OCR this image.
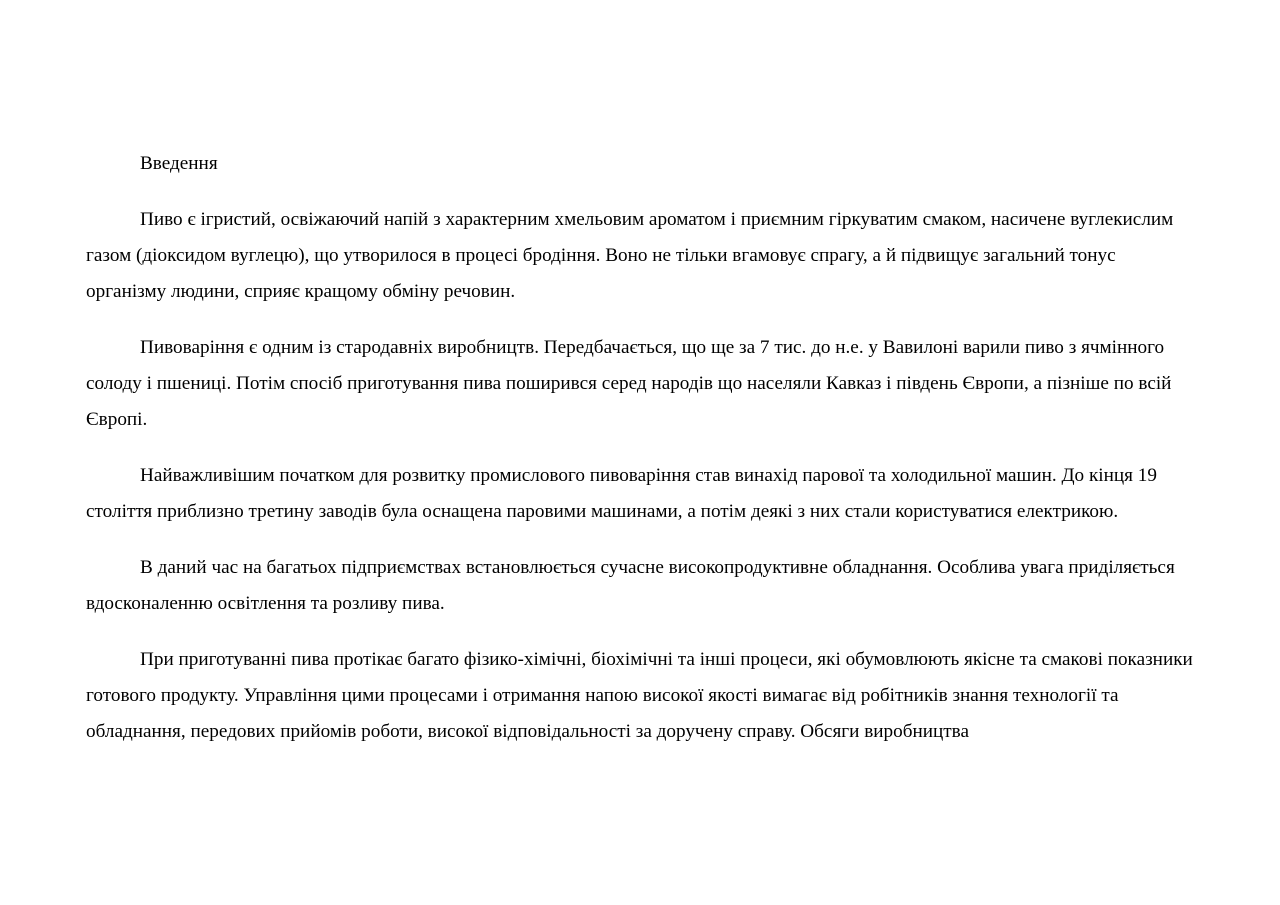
Введення

Пиво є ігристий, освіжаючий напій з характерним хмельовим ароматом і приємним гіркуватим смаком, насичене вуглекислим газом (діоксидом вуглецю), що утворилося в процесі бродіння. Воно не тільки вгамовує спрагу, а й підвищує загальний тонус організму людини, сприяє кращому обміну речовин.

Пивоваріння є одним із стародавніх виробництв. Передбачається, що ще за 7 тис. до н.е. у Вавилоні варили пиво з ячмінного солоду і пшениці. Потім спосіб приготування пива поширився серед народів що населяли Кавказ і південь Європи, а пізніше по всій Європі.

Найважливішим початком для розвитку промислового пивоваріння став винахід парової та холодильної машин. До кінця 19 століття приблизно третину заводів була оснащена паровими машинами, а потім деякі з них стали користуватися електрикою.

В даний час на багатьох підприємствах встановлюється сучасне високопродуктивне обладнання. Особлива увага приділяється вдосконаленню освітлення та розливу пива.

При приготуванні пива протікає багато фізико-хімічні, біохімічні та інші процеси, які обумовлюють якісне та смакові показники готового продукту. Управління цими процесами і отримання напою високої якості вимагає від робітників знання технології та обладнання, передових прийомів роботи, високої відповідальності за доручену справу. Обсяги виробництва
